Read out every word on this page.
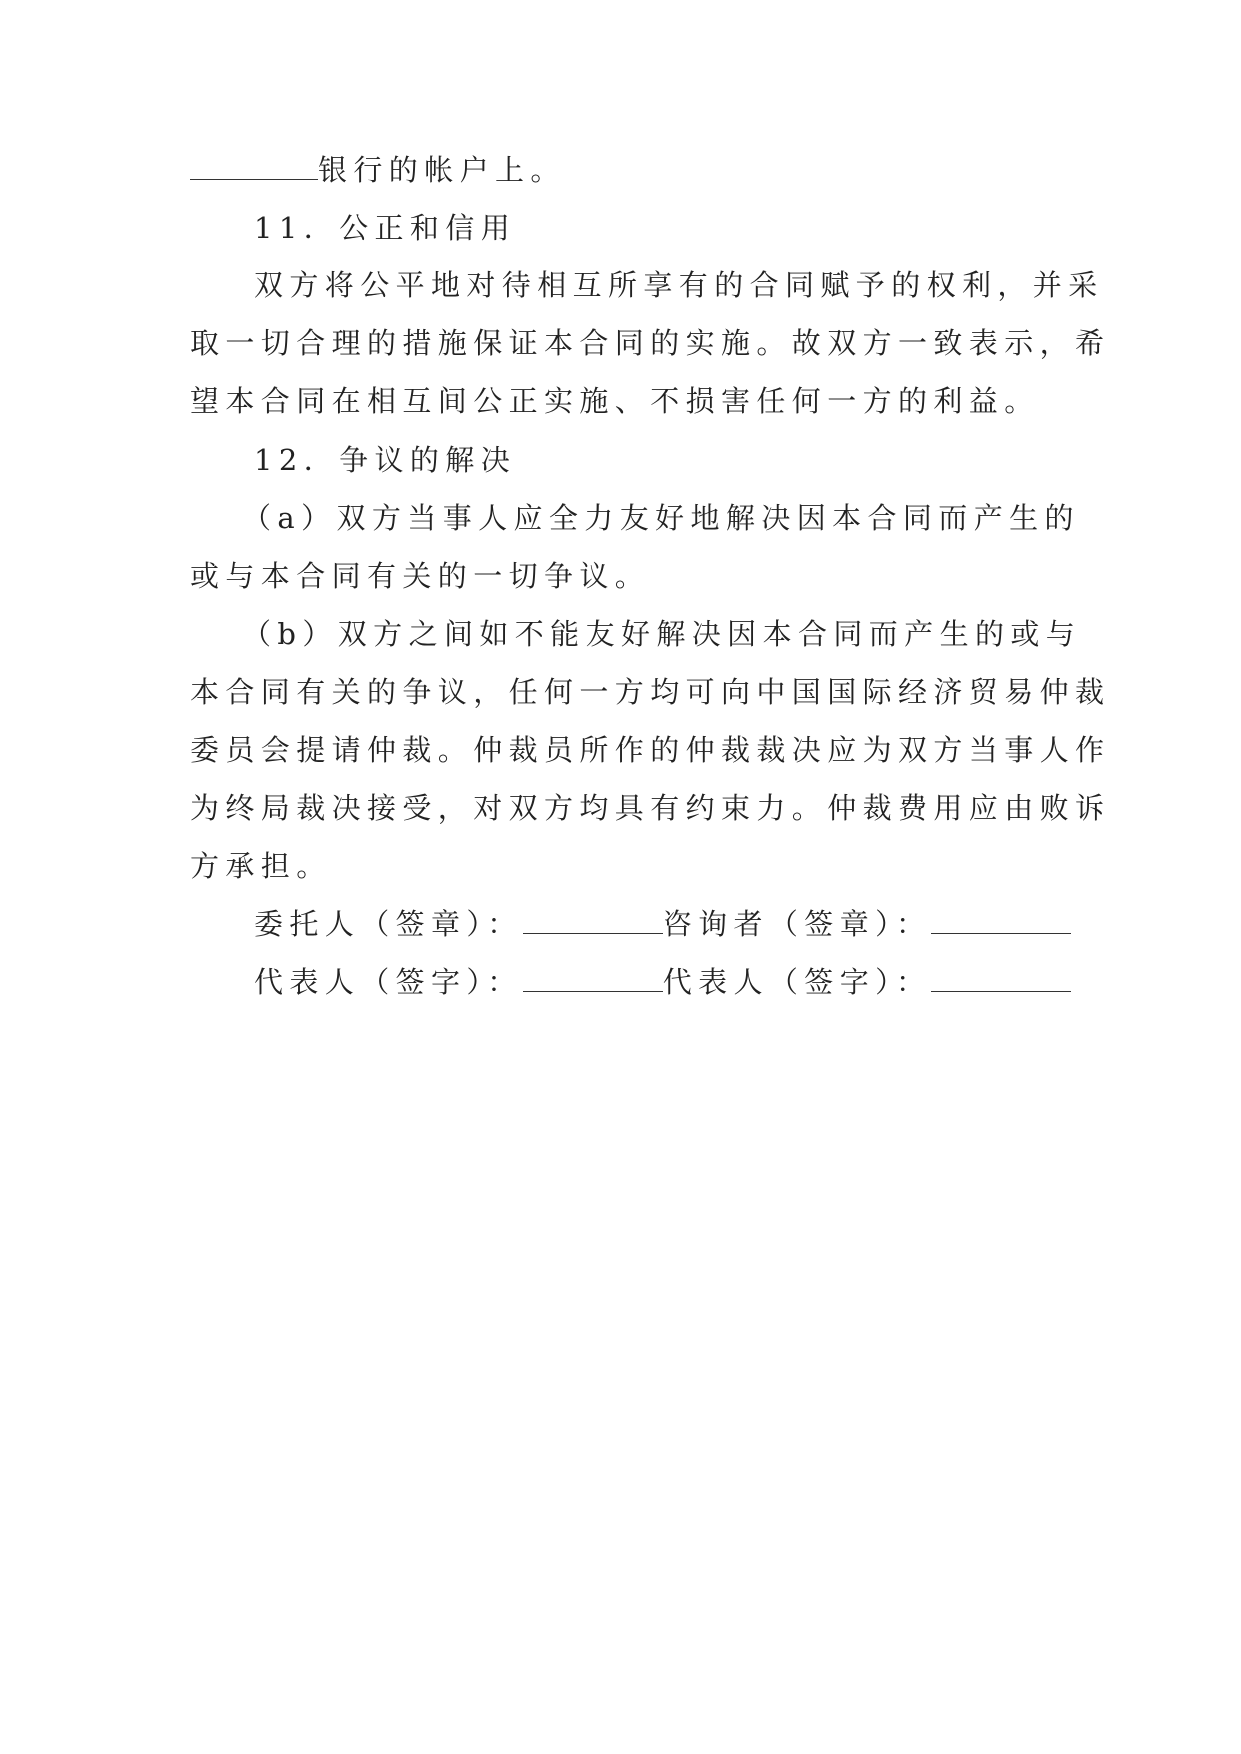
银行的帐户上。
11．公正和信用
双方将公平地对待相互所享有的合同赋予的权利，并采
取一切合理的措施保证本合同的实施。故双方一致表示，希
望本合同在相互间公正实施、不损害任何一方的利益。
12．争议的解决
（a）双方当事人应全力友好地解决因本合同而产生的
或与本合同有关的一切争议。
（b）双方之间如不能友好解决因本合同而产生的或与
本合同有关的争议，任何一方均可向中国国际经济贸易仲裁
委员会提请仲裁。仲裁员所作的仲裁裁决应为双方当事人作
为终局裁决接受，对双方均具有约束力。仲裁费用应由败诉
方承担。
委托人（签章）：	咨询者（签章）：
代表人（签字）：	代表人（签字）：
